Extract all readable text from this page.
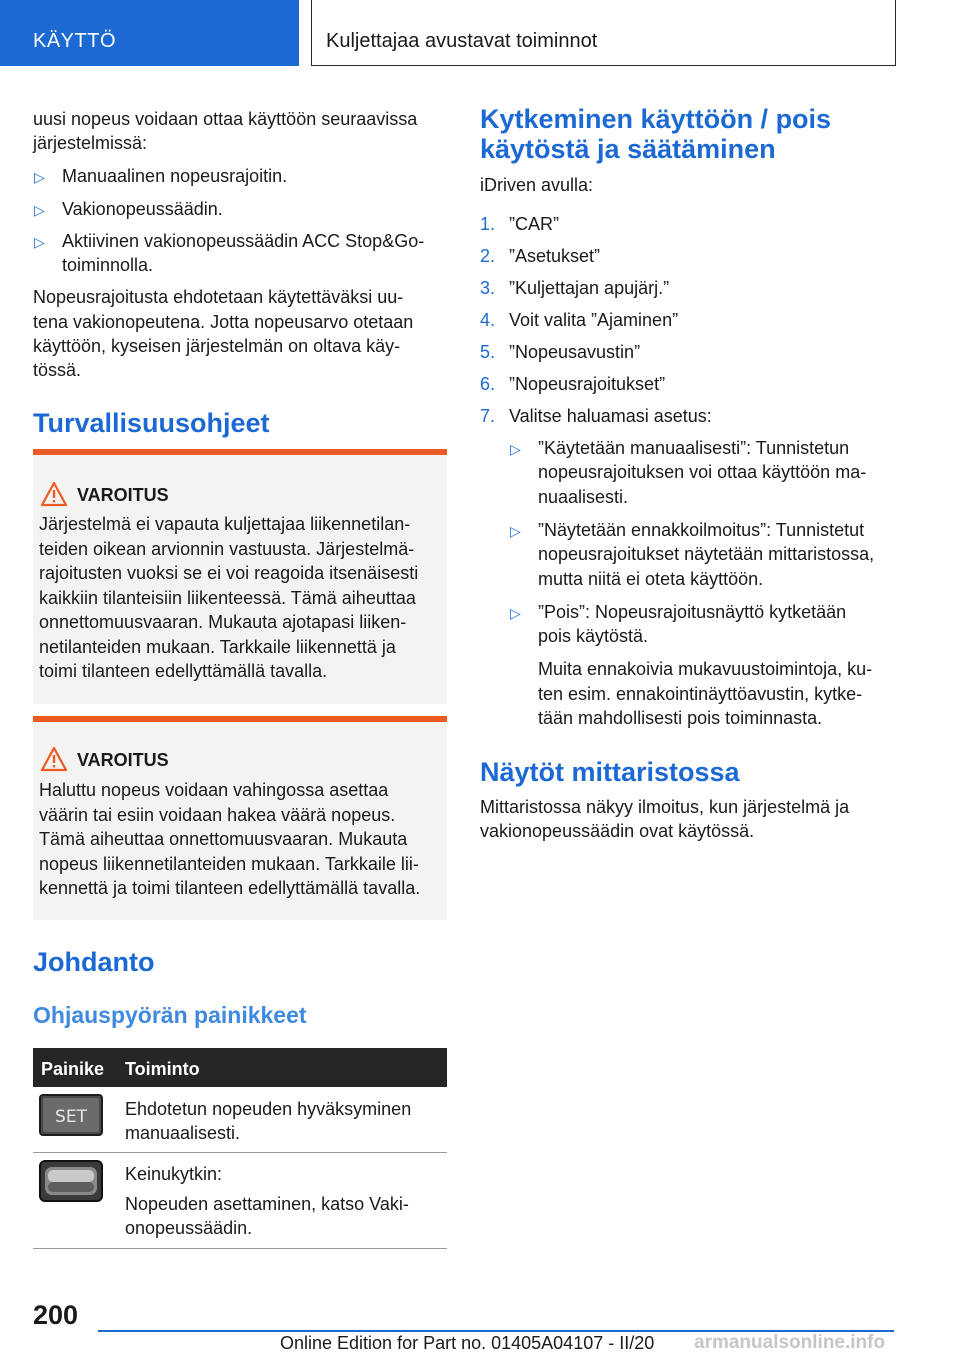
KÄYTTÖ	Kuljettajaa avustavat toiminnot
uusi nopeus voidaan ottaa käyttöön seuraavissa
järjestelmissä:
▷ Manuaalinen nopeusrajoitin.
▷ Vakionopeussäädin.
▷ Aktiivinen vakionopeussäädin ACC Stop&Go-
toiminnolla.
Nopeusrajoitusta ehdotetaan käytettäväksi uu-
tena vakionopeutena. Jotta nopeusarvo otetaan
käyttöön, kyseisen järjestelmän on oltava käy-
tössä.
Turvallisuusohjeet
VAROITUS
Järjestelmä ei vapauta kuljettajaa liikennetilan-
teiden oikean arvionnin vastuusta. Järjestelmä-
rajoitusten vuoksi se ei voi reagoida itsenäisesti
kaikkiin tilanteisiin liikenteessä. Tämä aiheuttaa
onnettomuusvaaran. Mukauta ajotapasi liiken-
netilanteiden mukaan. Tarkkaile liikennettä ja
toimi tilanteen edellyttämällä tavalla.
VAROITUS
Haluttu nopeus voidaan vahingossa asettaa
väärin tai esiin voidaan hakea väärä nopeus.
Tämä aiheuttaa onnettomuusvaaran. Mukauta
nopeus liikennetilanteiden mukaan. Tarkkaile lii-
kennettä ja toimi tilanteen edellyttämällä tavalla.
Johdanto
Ohjauspyörän painikkeet
Painike Toiminto
SET Ehdotetun nopeuden hyväksyminen
manuaalisesti.
Keinukytkin:
Nopeuden asettaminen, katso Vaki-
onopeussäädin.
Kytkeminen käyttöön / pois
käytöstä ja säätäminen
iDriven avulla:
1. ”CAR”
2. ”Asetukset”
3. ”Kuljettajan apujärj.”
4. Voit valita ”Ajaminen”
5. ”Nopeusavustin”
6. ”Nopeusrajoitukset”
7. Valitse haluamasi asetus:
▷ ”Käytetään manuaalisesti”: Tunnistetun
nopeusrajoituksen voi ottaa käyttöön ma-
nuaalisesti.
▷ ”Näytetään ennakkoilmoitus”: Tunnistetut
nopeusrajoitukset näytetään mittaristossa,
mutta niitä ei oteta käyttöön.
▷ ”Pois”: Nopeusrajoitusnäyttö kytketään
pois käytöstä.
Muita ennakoivia mukavuustoimintoja, ku-
ten esim. ennakointinäyttöavustin, kytke-
tään mahdollisesti pois toiminnasta.
Näytöt mittaristossa
Mittaristossa näkyy ilmoitus, kun järjestelmä ja
vakionopeussäädin ovat käytössä.
200
Online Edition for Part no. 01405A04107 - II/20 armanualsonline.info
